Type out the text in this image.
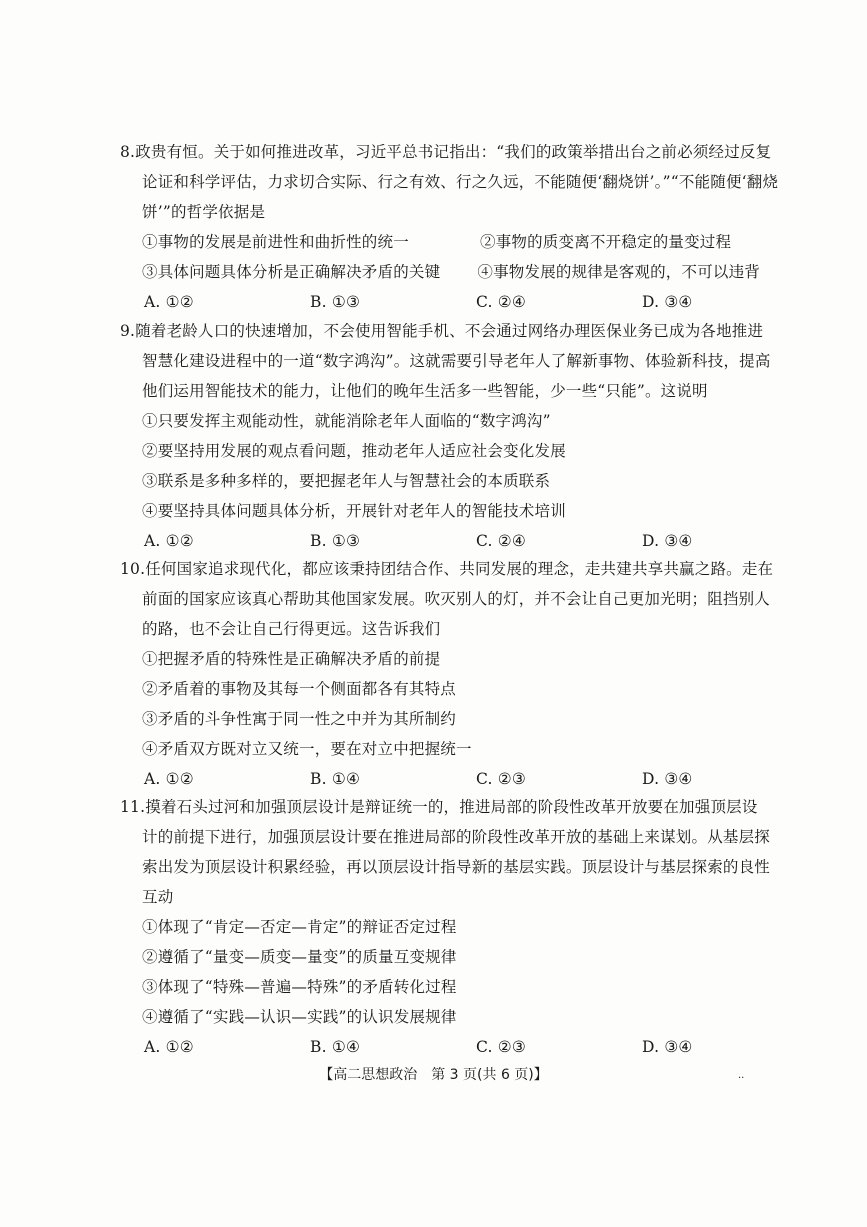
8.政贵有恒。关于如何推进改革，习近平总书记指出：“我们的政策举措出台之前必须经过反复
论证和科学评估，力求切合实际、行之有效、行之久远，不能随便‘翻烧饼’。”“不能随便‘翻烧
饼’”的哲学依据是
①事物的发展是前进性和曲折性的统一	②事物的质变离不开稳定的量变过程
③具体问题具体分析是正确解决矛盾的关键	④事物发展的规律是客观的，不可以违背
A. ①②	B. ①③	C. ②④	D. ③④
9.随着老龄人口的快速增加，不会使用智能手机、不会通过网络办理医保业务已成为各地推进
智慧化建设进程中的一道“数字鸿沟”。这就需要引导老年人了解新事物、体验新科技，提高
他们运用智能技术的能力，让他们的晚年生活多一些智能，少一些“只能”。这说明
①只要发挥主观能动性，就能消除老年人面临的“数字鸿沟”
②要坚持用发展的观点看问题，推动老年人适应社会变化发展
③联系是多种多样的，要把握老年人与智慧社会的本质联系
④要坚持具体问题具体分析，开展针对老年人的智能技术培训
A. ①②	B. ①③	C. ②④	D. ③④
10.任何国家追求现代化，都应该秉持团结合作、共同发展的理念，走共建共享共赢之路。走在
前面的国家应该真心帮助其他国家发展。吹灭别人的灯，并不会让自己更加光明；阻挡别人
的路，也不会让自己行得更远。这告诉我们
①把握矛盾的特殊性是正确解决矛盾的前提
②矛盾着的事物及其每一个侧面都各有其特点
③矛盾的斗争性寓于同一性之中并为其所制约
④矛盾双方既对立又统一，要在对立中把握统一
A. ①②	B. ①④	C. ②③	D. ③④
11.摸着石头过河和加强顶层设计是辩证统一的，推进局部的阶段性改革开放要在加强顶层设
计的前提下进行，加强顶层设计要在推进局部的阶段性改革开放的基础上来谋划。从基层探
索出发为顶层设计积累经验，再以顶层设计指导新的基层实践。顶层设计与基层探索的良性
互动
①体现了“肯定—否定—肯定”的辩证否定过程
②遵循了“量变—质变—量变”的质量互变规律
③体现了“特殊—普遍—特殊”的矛盾转化过程
④遵循了“实践—认识—实践”的认识发展规律
A. ①②	B. ①④	C. ②③	D. ③④
【高二思想政治　第 3 页(共 6 页)】	..
